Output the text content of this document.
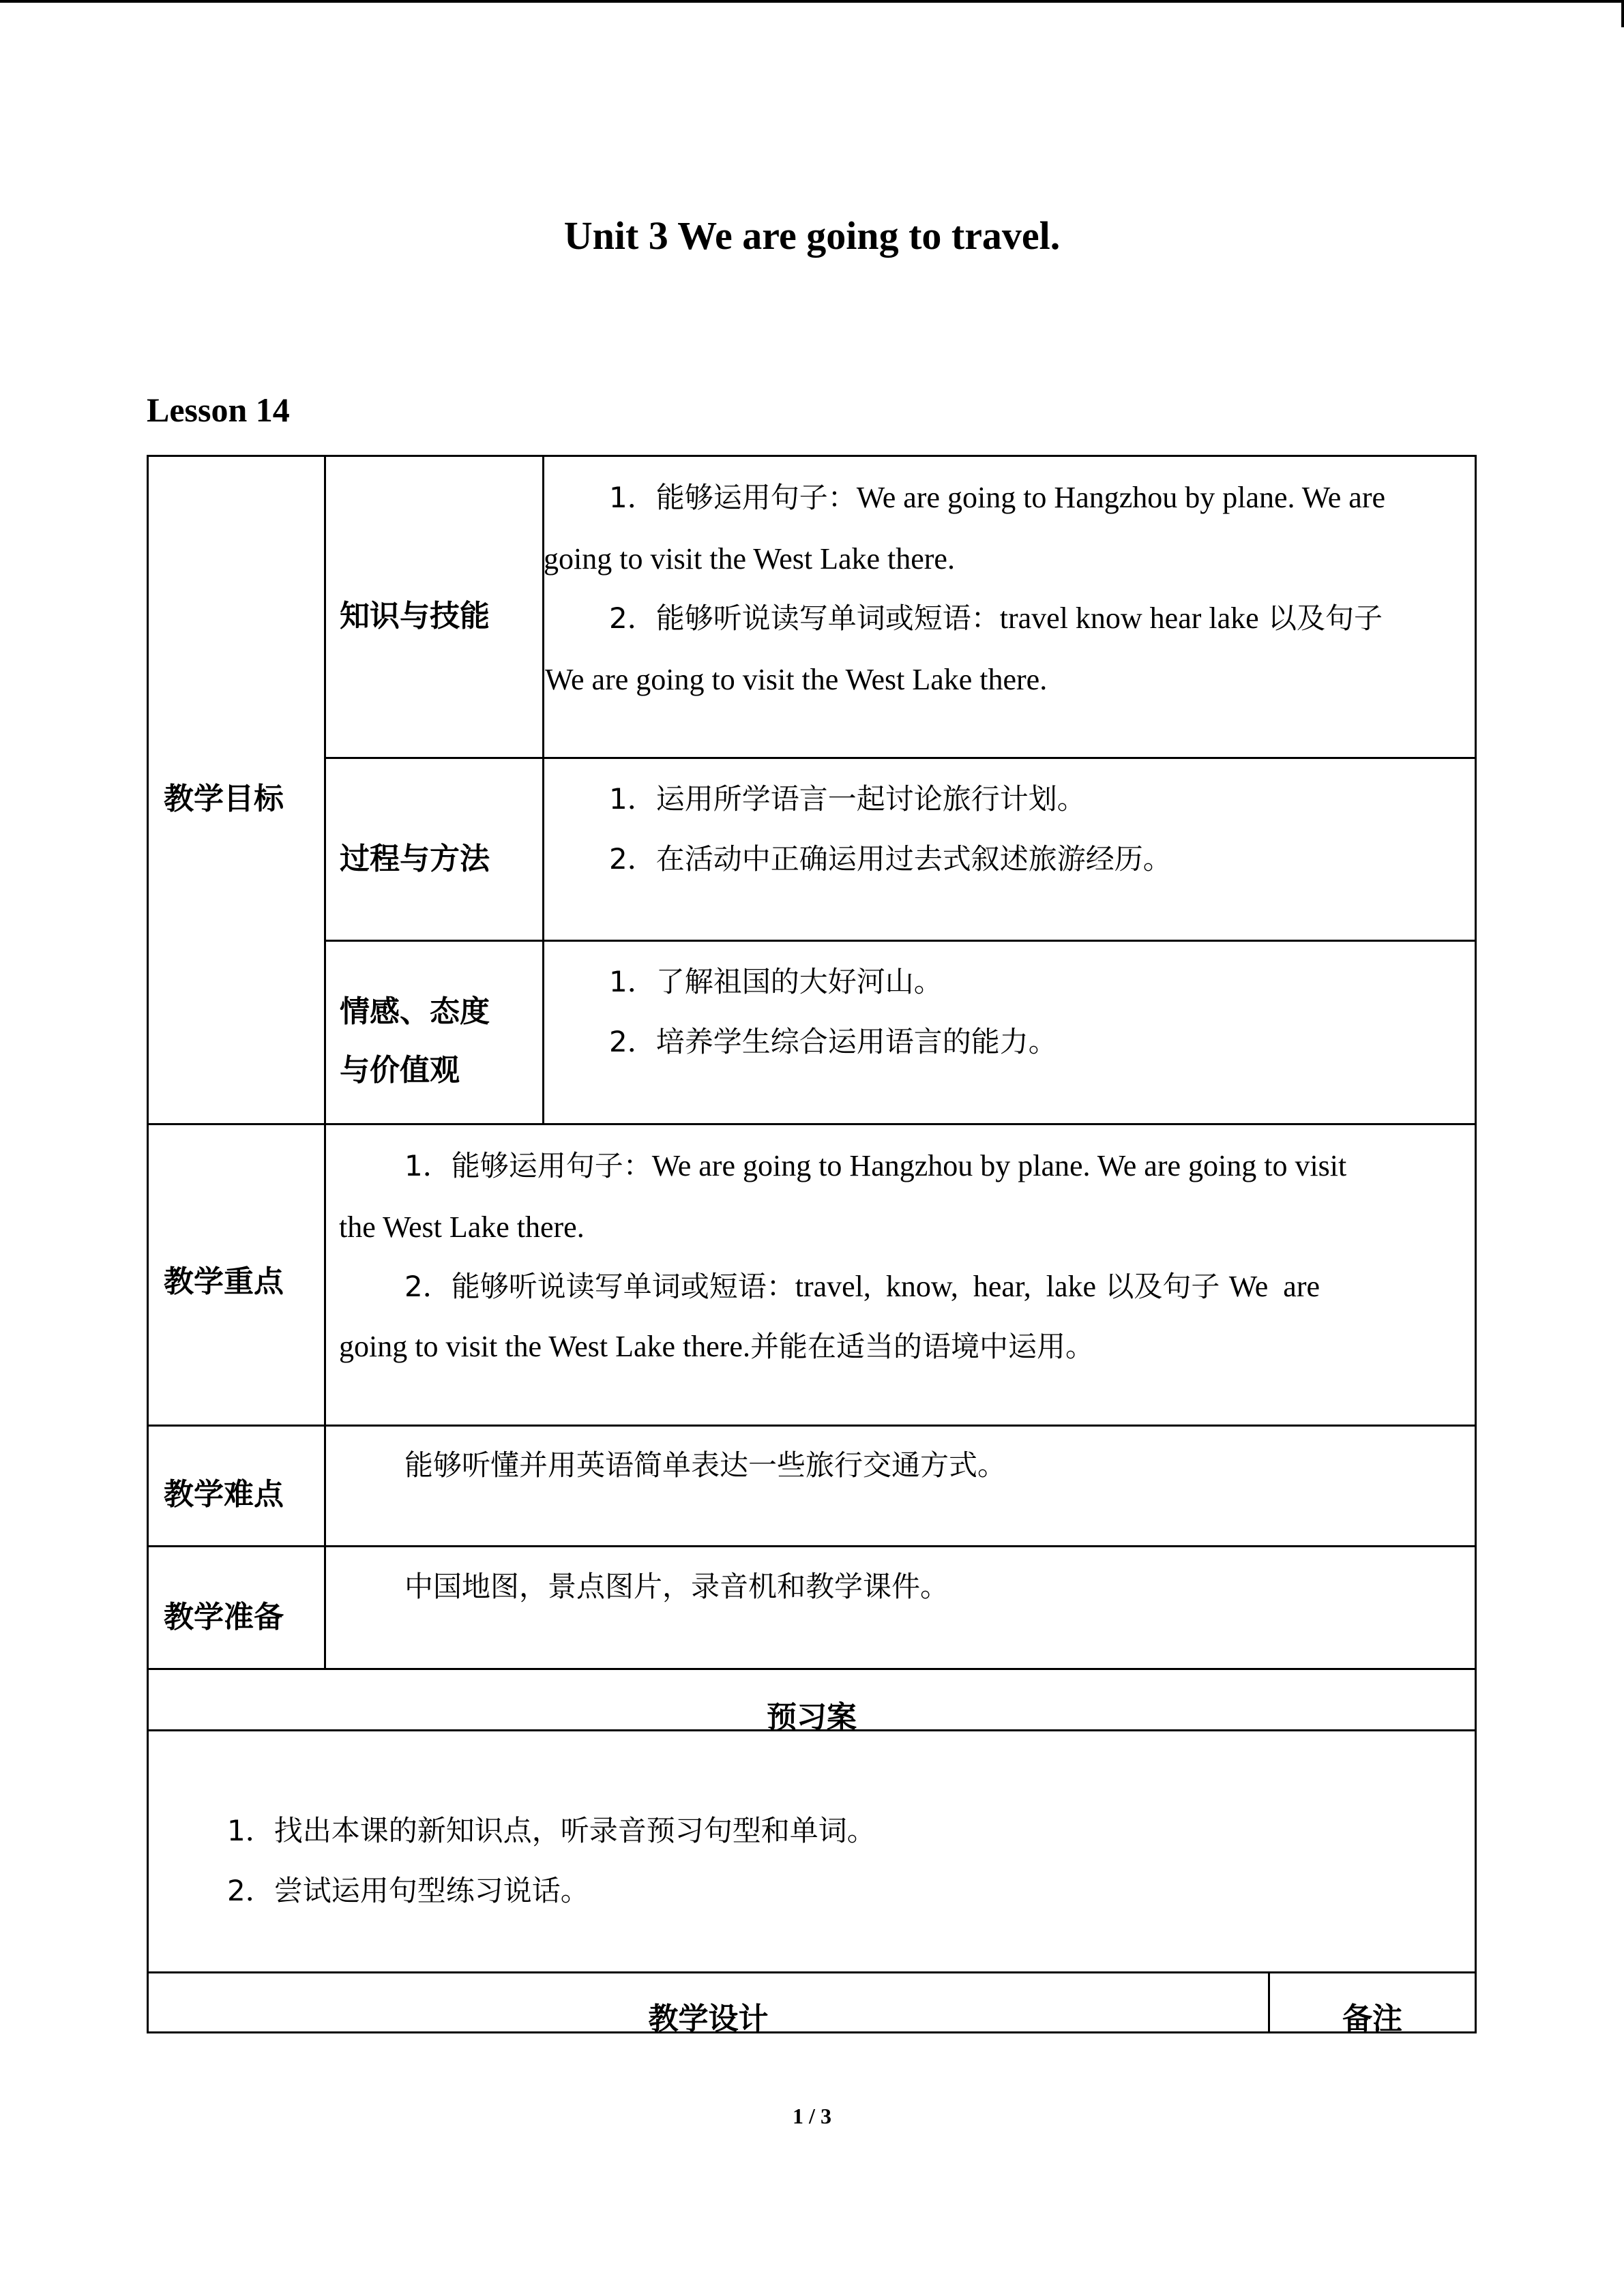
Unit 3 We are going to travel.
Lesson 14
教学目标
知识与技能
1．能够运用句子：We are going to Hangzhou by plane. We are
going to visit the West Lake there.
2．能够听说读写单词或短语：travel know hear lake 以及句子
We are going to visit the West Lake there.
过程与方法
1．运用所学语言一起讨论旅行计划。
2．在活动中正确运用过去式叙述旅游经历。
情感、态度
与价值观
1．了解祖国的大好河山。
2．培养学生综合运用语言的能力。
教学重点
1．能够运用句子：We are going to Hangzhou by plane. We are going to visit
the West Lake there.
2．能够听说读写单词或短语：travel,  know,  hear,  lake 以及句子 We  are
going to visit the West Lake there.并能在适当的语境中运用。
教学难点
能够听懂并用英语简单表达一些旅行交通方式。
教学准备
中国地图，景点图片，录音机和教学课件。
预习案
1．找出本课的新知识点，听录音预习句型和单词。
2．尝试运用句型练习说话。
教学设计	备注
1 / 3
